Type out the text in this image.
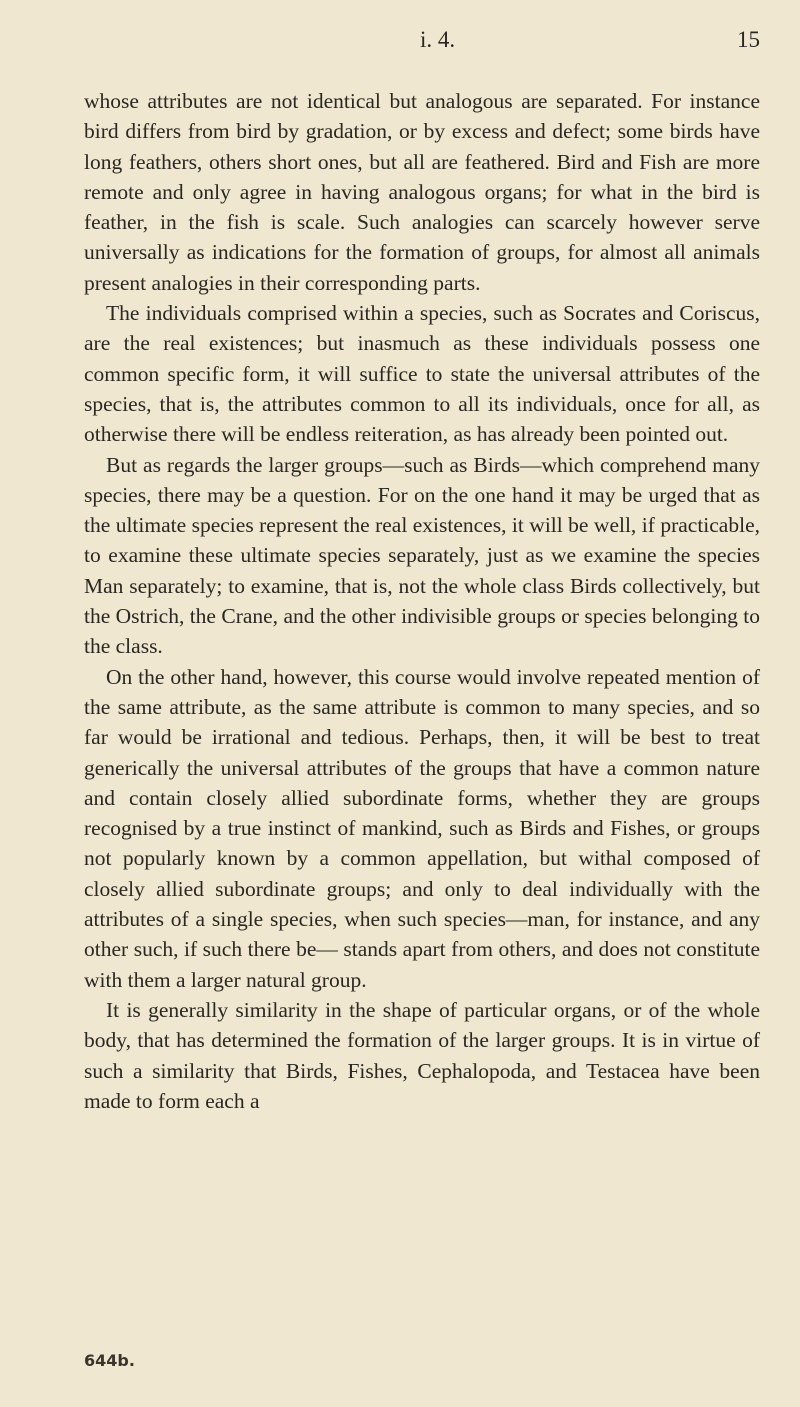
i. 4.	15

whose attributes are not identical but analogous are separated. For instance bird differs from bird by gradation, or by excess and defect; some birds have long feathers, others short ones, but all are feathered. Bird and Fish are more remote and only agree in having analogous organs; for what in the bird is feather, in the fish is scale. Such analogies can scarcely however serve universally as indications for the formation of groups, for almost all animals present analogies in their corresponding parts.

The individuals comprised within a species, such as Socrates and Coriscus, are the real existences; but inasmuch as these individuals possess one common specific form, it will suffice to state the universal attributes of the species, that is, the attributes common to all its individuals, once for all, as otherwise there will be endless reiteration, as has already been pointed out.

But as regards the larger groups—such as Birds—which comprehend many species, there may be a question. For on the one hand it may be urged that as the ultimate species represent the real existences, it will be well, if practicable, to examine these ultimate species separately, just as we examine the species Man separately; to examine, that is, not the whole class Birds collectively, but the Ostrich, the Crane, and the other indivisible groups or species belonging to the class.

On the other hand, however, this course would involve repeated mention of the same attribute, as the same attribute is common to many species, and so far would be irrational and tedious. Perhaps, then, it will be best to treat generically the universal attributes of the groups that have a common nature and contain closely allied subordinate forms, whether they are groups recognised by a true instinct of mankind, such as Birds and Fishes, or groups not popularly known by a common appellation, but withal composed of closely allied subordinate groups; and only to deal individually with the attributes of a single species, when such species—man, for instance, and any other such, if such there be— stands apart from others, and does not constitute with them a larger natural group.

It is generally similarity in the shape of particular organs, or of the whole body, that has determined the formation of the larger groups. It is in virtue of such a similarity that Birds, Fishes, Cephalopoda, and Testacea have been made to form each a

644b.
